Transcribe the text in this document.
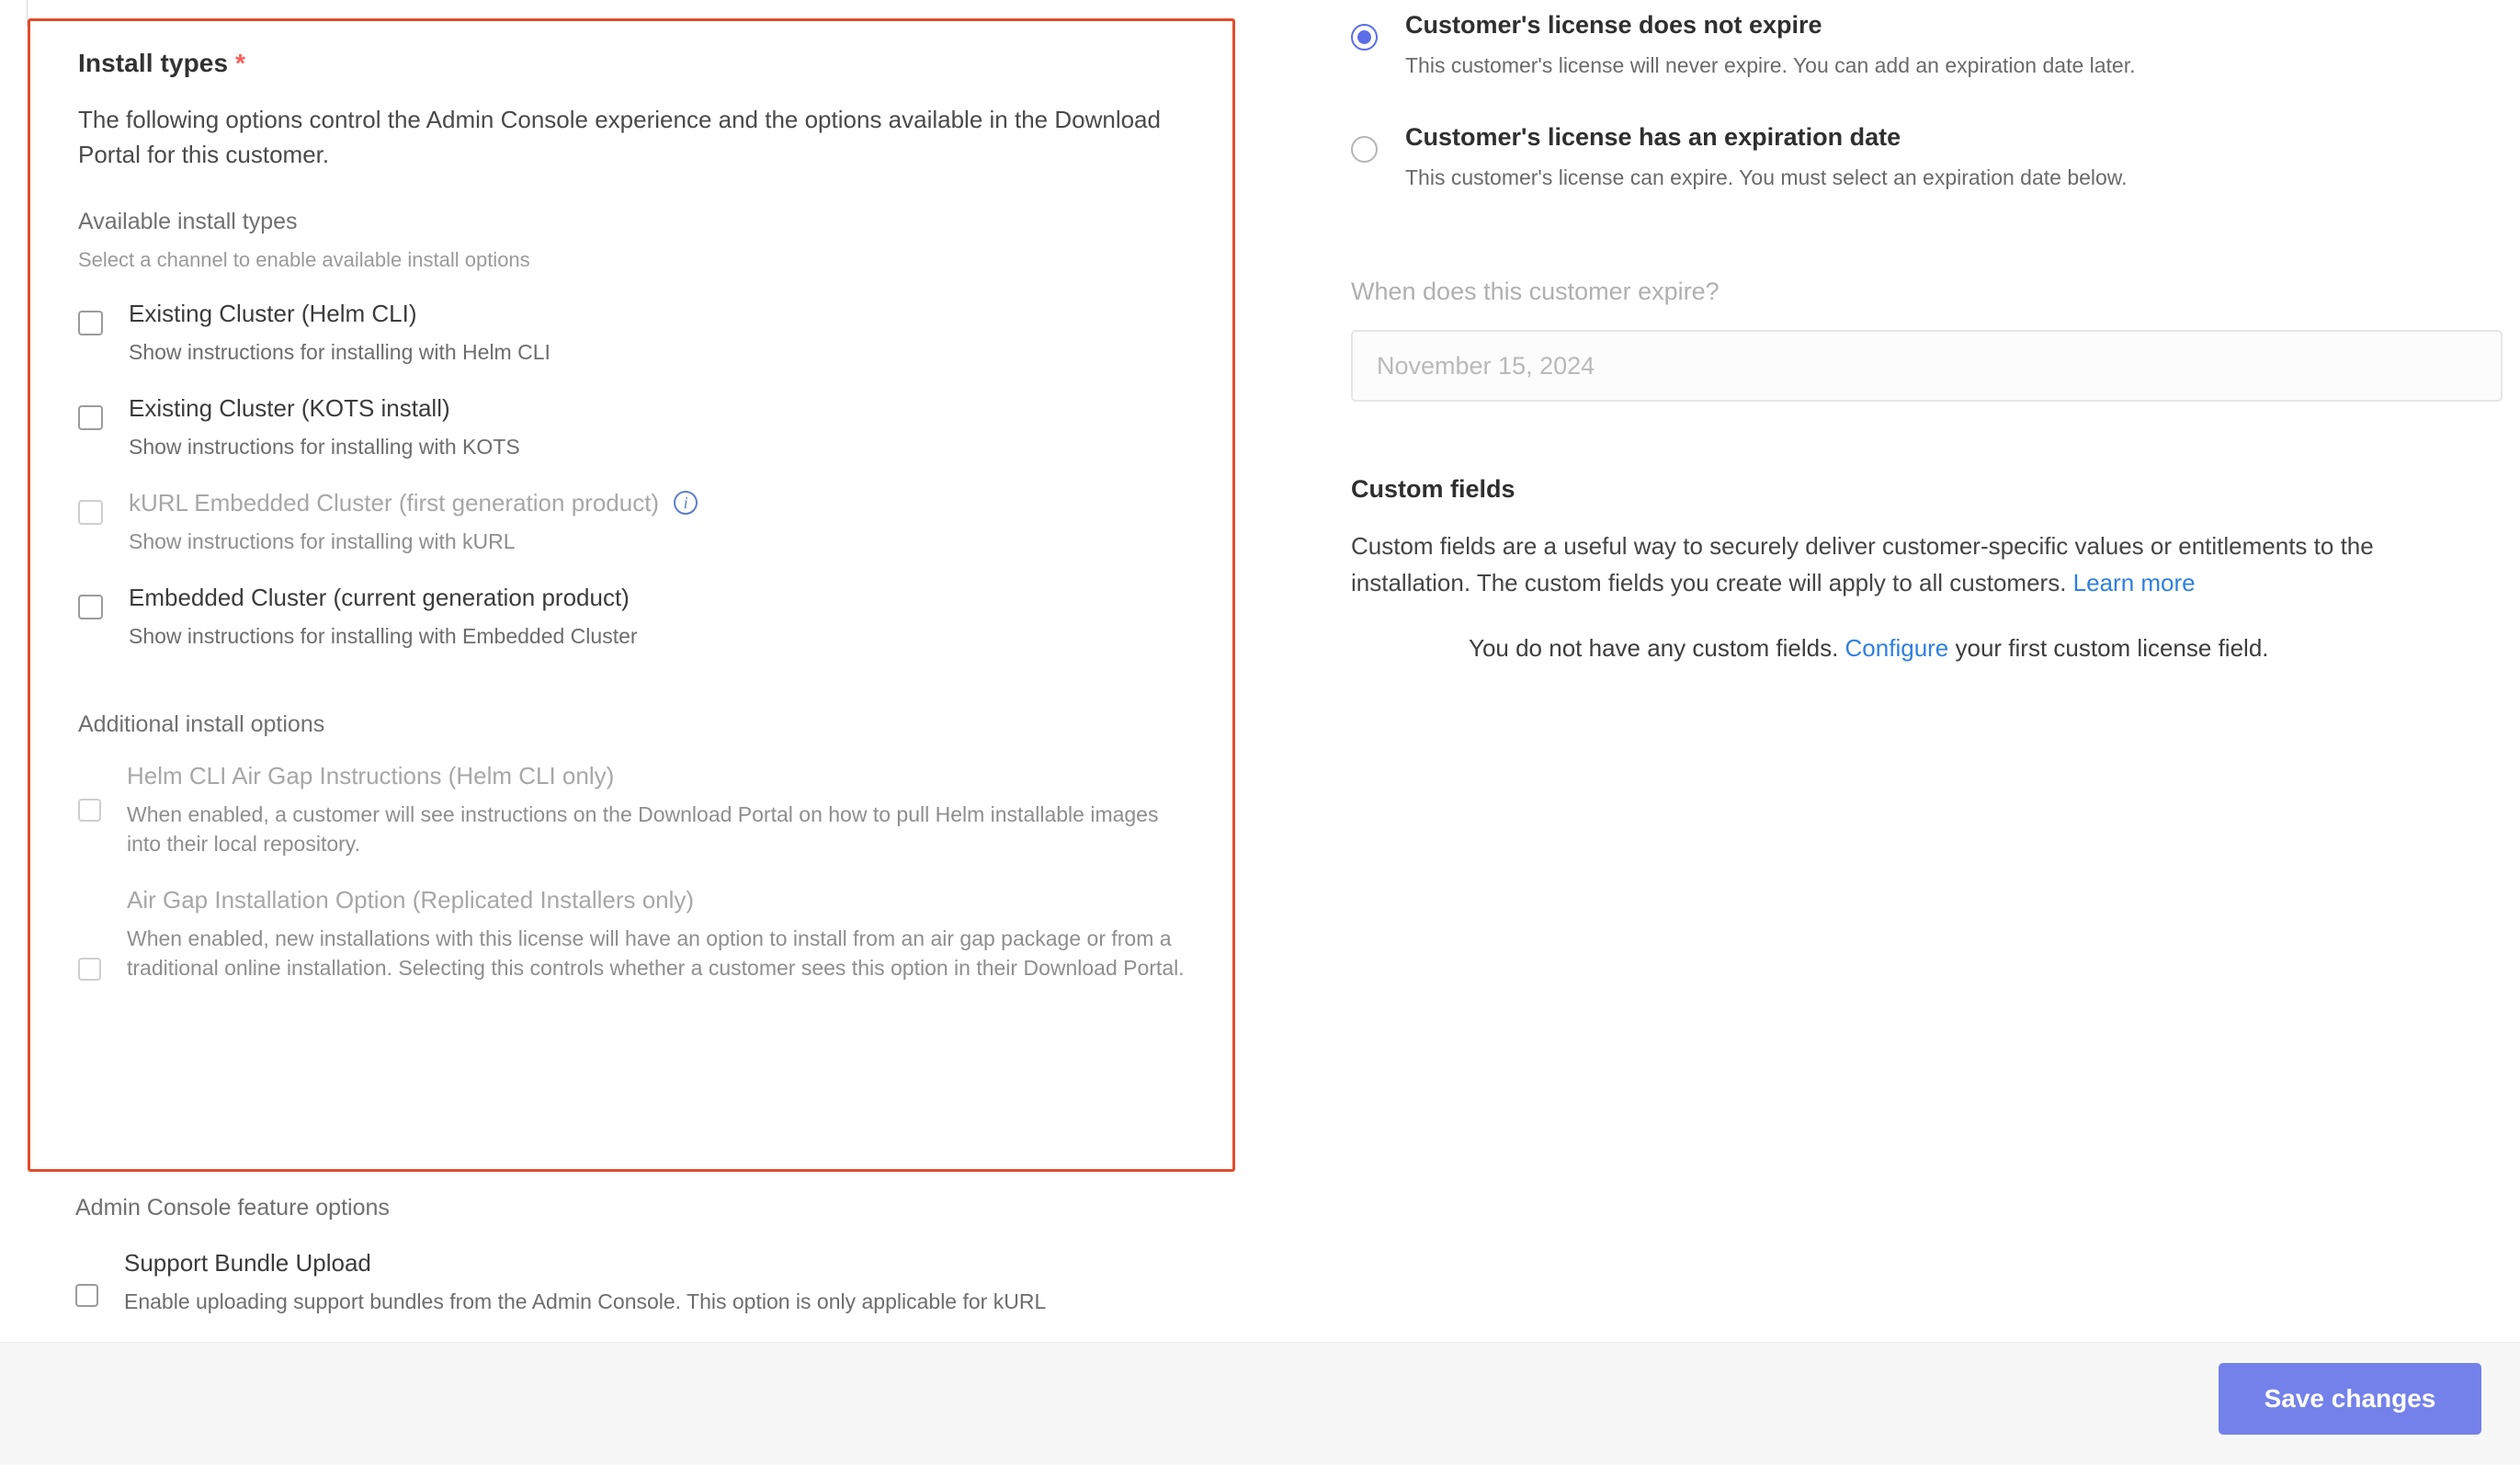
Install types *

The following options control the Admin Console experience and the options available in the Download Portal for this customer.

Available install types

Select a channel to enable available install options

Existing Cluster (Helm CLI)
Show instructions for installing with Helm CLI
Existing Cluster (KOTS install)
Show instructions for installing with KOTS
kURL Embedded Cluster (first generation product)	i
Show instructions for installing with kURL
Embedded Cluster (current generation product)
Show instructions for installing with Embedded Cluster

Additional install options

Helm CLI Air Gap Instructions (Helm CLI only)
When enabled, a customer will see instructions on the Download Portal on how to pull Helm installable images into their local repository.
Air Gap Installation Option (Replicated Installers only)
When enabled, new installations with this license will have an option to install from an air gap package or from a traditional online installation. Selecting this controls whether a customer sees this option in their Download Portal.

Admin Console feature options

Support Bundle Upload
Enable uploading support bundles from the Admin Console. This option is only applicable for kURL
Customer's license does not expire
This customer's license will never expire. You can add an expiration date later.
Customer's license has an expiration date
This customer's license can expire. You must select an expiration date below.
When does this customer expire?
November 15, 2024
Custom fields
Custom fields are a useful way to securely deliver customer-specific values or entitlements to the installation. The custom fields you create will apply to all customers. Learn more
You do not have any custom fields. Configure your first custom license field.
Save changes
